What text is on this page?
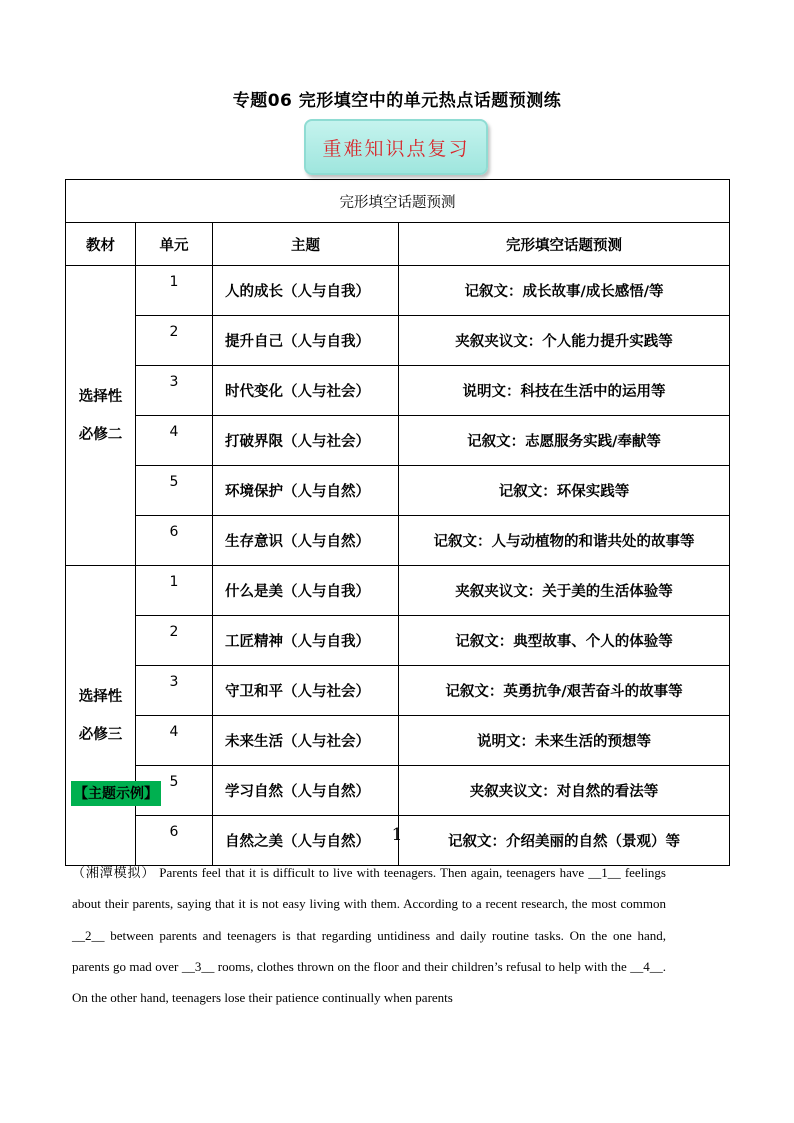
专题06 完形填空中的单元热点话题预测练
重难知识点复习
完形填空话题预测			
教材	单元	主题	完形填空话题预测

选择性
必修二	1	人的成长（人与自我）	记叙文：成长故事/成长感悟/等
	2	提升自己（人与自我）	夹叙夹议文：个人能力提升实践等
	3	时代变化（人与社会）	说明文：科技在生活中的运用等
	4	打破界限（人与社会）	记叙文：志愿服务实践/奉献等
	5	环境保护（人与自然）	记叙文：环保实践等
	6	生存意识（人与自然）	记叙文：人与动植物的和谐共处的故事等

选择性
必修三	1	什么是美（人与自我）	夹叙夹议文：关于美的生活体验等
	2	工匠精神（人与自我）	记叙文：典型故事、个人的体验等
	3	守卫和平（人与社会）	记叙文：英勇抗争/艰苦奋斗的故事等
	4	未来生活（人与社会）	说明文：未来生活的预想等
	5	学习自然（人与自然）	夹叙夹议文：对自然的看法等
	6	自然之美（人与自然）	记叙文：介绍美丽的自然（景观）等
【主题示例】
1
（湘潭模拟） Parents feel that it is difficult to live with teenagers. Then again, teenagers have __1__ feelings about their parents, saying that it is not easy living with them. According to a recent research, the most common __2__ between parents and teenagers is that regarding untidiness and daily routine tasks. On the one hand, parents go mad over __3__ rooms, clothes thrown on the floor and their children’s refusal to help with the __4__. On the other hand, teenagers lose their patience continually when parents
